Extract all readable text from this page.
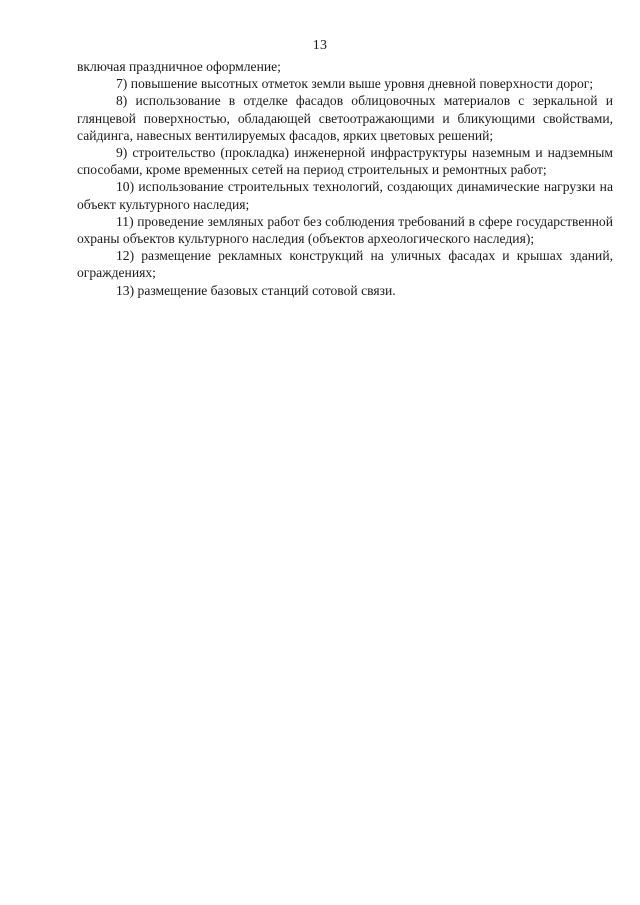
13

включая праздничное оформление;

7) повышение высотных отметок земли выше уровня дневной поверхности дорог;

8) использование в отделке фасадов облицовочных материалов с зеркальной и глянцевой поверхностью, обладающей светоотражающими и бликующими свойствами, сайдинга, навесных вентилируемых фасадов, ярких цветовых решений;

9) строительство (прокладка) инженерной инфраструктуры наземным и надземным способами, кроме временных сетей на период строительных и ремонтных работ;

10) использование строительных технологий, создающих динамические нагрузки на объект культурного наследия;

11) проведение земляных работ без соблюдения требований в сфере государственной охраны объектов культурного наследия (объектов археологического наследия);

12) размещение рекламных конструкций на уличных фасадах и крышах зданий, ограждениях;

13) размещение базовых станций сотовой связи.
